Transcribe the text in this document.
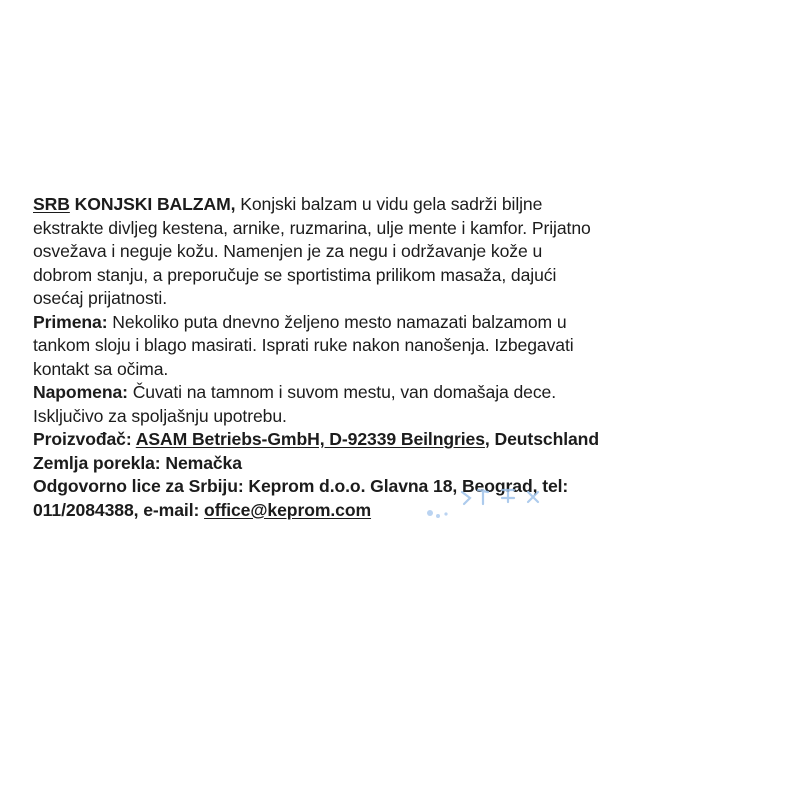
SRB KONJSKI BALZAM, Konjski balzam u vidu gela sadrži biljne
ekstrakte divljeg kestena, arnike, ruzmarina, ulje mente i kamfor. Prijatno
osvežava i neguje kožu. Namenjen je za negu i održavanje kože u
dobrom stanju, a preporučuje se sportistima prilikom masaža, dajući
osećaj prijatnosti.
Primena: Nekoliko puta dnevno željeno mesto namazati balzamom u
tankom sloju i blago masirati. Isprati ruke nakon nanošenja. Izbegavati
kontakt sa očima.
Napomena: Čuvati na tamnom i suvom mestu, van domašaja dece.
Isključivo za spoljašnju upotrebu.
Proizvođač: ASAM Betriebs-GmbH, D-92339 Beilngries, Deutschland
Zemlja porekla: Nemačka
Odgovorno lice za Srbiju: Keprom d.o.o. Glavna 18, Beograd, tel:
011/2084388, e-mail: office@keprom.com
